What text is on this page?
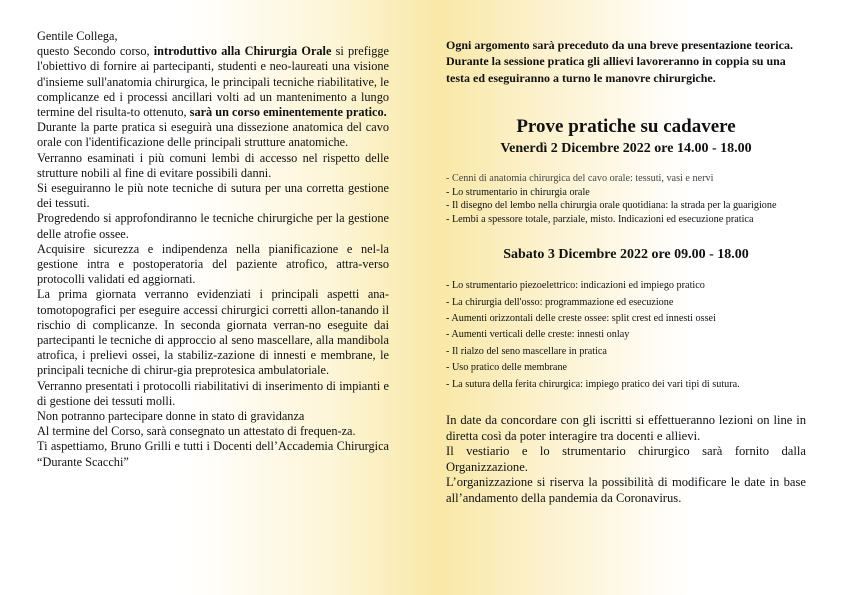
Gentile Collega,

questo Secondo corso, introduttivo alla Chirurgia Orale si prefigge l'obiettivo di fornire ai partecipanti, studenti e neo-laureati una visione d'insieme sull'anatomia chirurgica, le principali tecniche riabilitative, le complicanze ed i processi ancillari volti ad un mantenimento a lungo termine del risulta-to ottenuto, sarà un corso eminentemente pratico.

Durante la parte pratica si eseguirà una dissezione anatomica del cavo orale con l'identificazione delle principali strutture anatomiche.

Verranno esaminati i più comuni lembi di accesso nel rispetto delle strutture nobili al fine di evitare possibili danni.

Si eseguiranno le più note tecniche di sutura per una corretta gestione dei tessuti.

Progredendo si approfondiranno le tecniche chirurgiche per la gestione delle atrofie ossee.

Acquisire sicurezza e indipendenza nella pianificazione e nel-la gestione intra e postoperatoria del paziente atrofico, attra-verso protocolli validati ed aggiornati.

La prima giornata verranno evidenziati i principali aspetti ana-tomotopografici per eseguire accessi chirurgici corretti allon-tanando il rischio di complicanze. In seconda giornata verran-no eseguite dai partecipanti le tecniche di approccio al seno mascellare, alla mandibola atrofica, i prelievi ossei, la stabiliz-zazione di innesti e membrane, le principali tecniche di chirur-gia preprotesica ambulatoriale.

Verranno presentati i protocolli riabilitativi di inserimento di impianti e di gestione dei tessuti molli.

Non potranno partecipare donne in stato di gravidanza

Al termine del Corso, sarà consegnato un attestato di frequen-za.

Ti aspettiamo, Bruno Grilli e tutti i Docenti dell’Accademia Chirurgica “Durante Scacchi”

Ogni argomento sarà preceduto da una breve presentazione teorica.

Durante la sessione pratica gli allievi lavoreranno in coppia su una testa ed eseguiranno a turno le manovre chirurgiche.

Prove pratiche su cadavere

Venerdì 2 Dicembre 2022 ore 14.00 - 18.00

- Cenni di anatomia chirurgica del cavo orale: tessuti, vasi e nervi
- Lo strumentario in chirurgia orale
- Il disegno del lembo nella chirurgia orale quotidiana: la strada per la guarigione
- Lembi a spessore totale, parziale, misto. Indicazioni ed esecuzione pratica

Sabato 3 Dicembre 2022 ore 09.00 - 18.00

- Lo strumentario piezoelettrico: indicazioni ed impiego pratico
- La chirurgia dell'osso: programmazione ed esecuzione
- Aumenti orizzontali delle creste ossee: split crest ed innesti ossei
- Aumenti verticali delle creste: innesti onlay
- Il rialzo del seno mascellare in pratica
- Uso pratico delle membrane
- La sutura della ferita chirurgica: impiego pratico dei vari tipi di sutura.

In date da concordare con gli iscritti si effettueranno lezioni on line in diretta così da poter interagire tra docenti e allievi.

Il vestiario e lo strumentario chirurgico sarà fornito dalla Organizzazione.

L’organizzazione si riserva la possibilità di modificare le date in base all’andamento della pandemia da Coronavirus.
